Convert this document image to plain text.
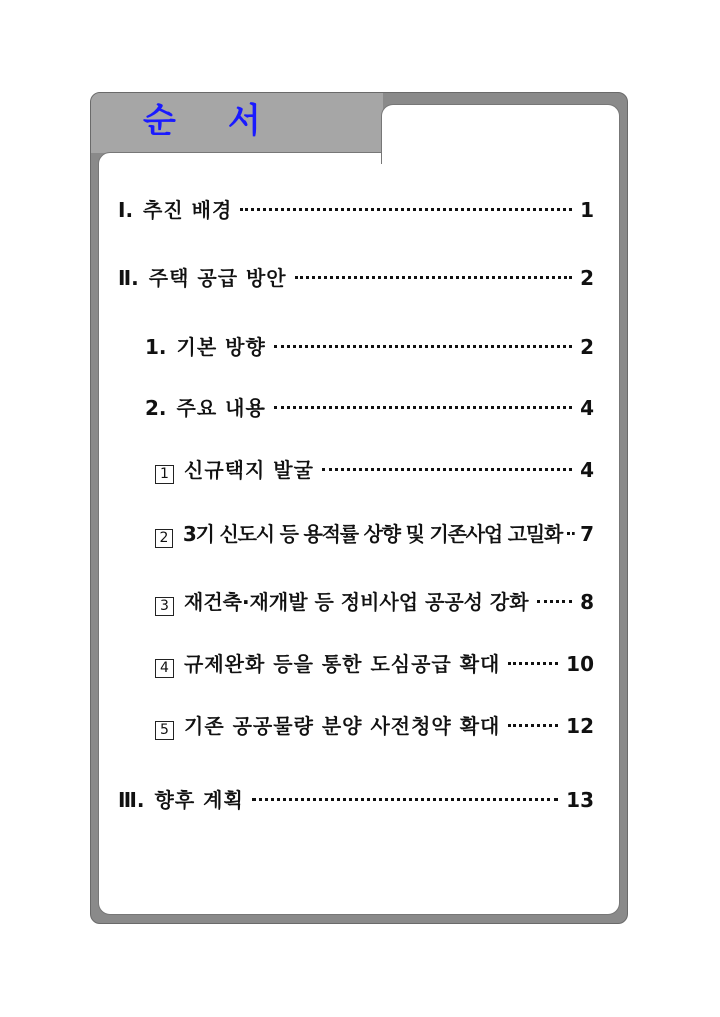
순서
Ⅰ. 추진 배경	1
Ⅱ. 주택 공급 방안	2
1. 기본 방향	2
2. 주요 내용	4
1 신규택지 발굴	4
2 3기 신도시 등 용적률 상향 및 기존사업 고밀화 7
3 재건축·재개발 등 정비사업 공공성 강화	8
4 규제완화 등을 통한 도심공급 확대	10
5 기존 공공물량 분양 사전청약 확대	12
Ⅲ. 향후 계획	13
